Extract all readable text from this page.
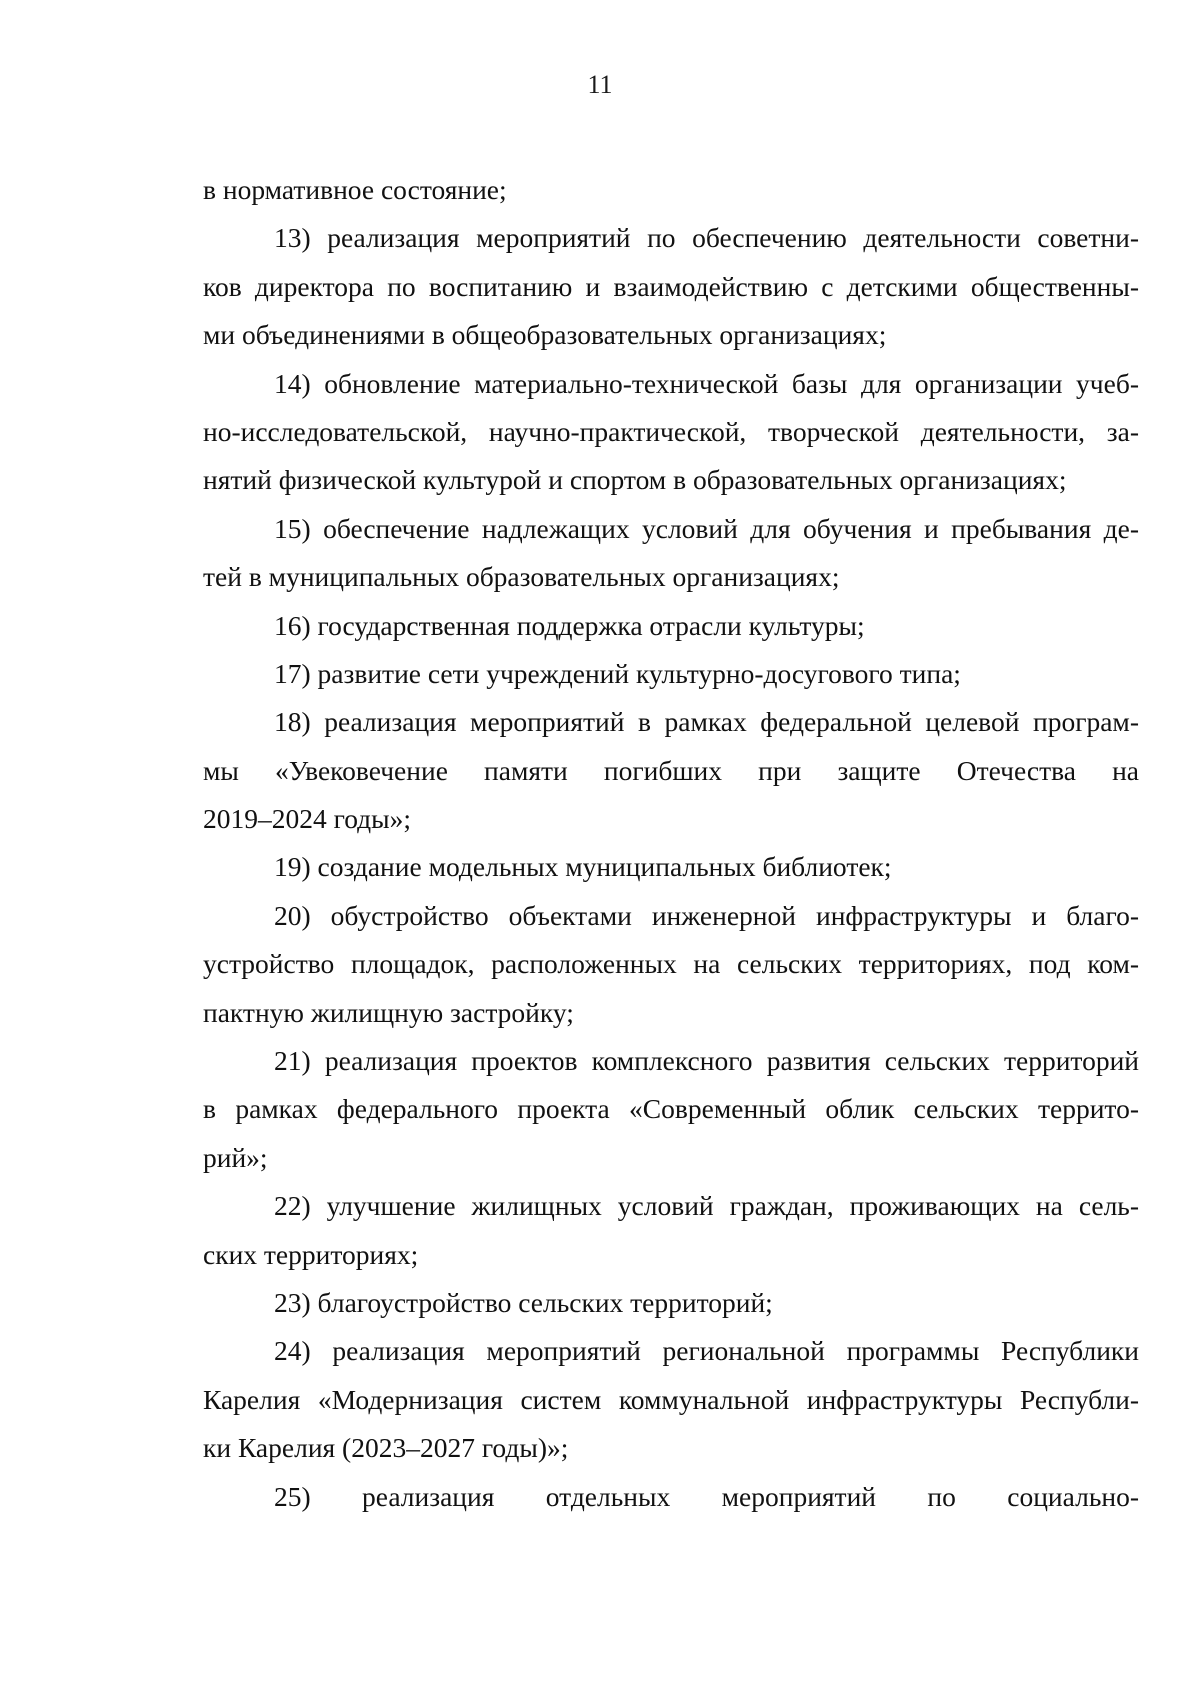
11
в нормативное состояние;
13) реализация мероприятий по обеспечению деятельности советни-
ков директора по воспитанию и взаимодействию с детскими общественны-
ми объединениями в общеобразовательных организациях;
14) обновление материально-технической базы для организации учеб-
но-исследовательской, научно-практической, творческой деятельности, за-
нятий физической культурой и спортом в образовательных организациях;
15) обеспечение надлежащих условий для обучения и пребывания де-
тей в муниципальных образовательных организациях;
16) государственная поддержка отрасли культуры;
17) развитие сети учреждений культурно-досугового типа;
18) реализация мероприятий в рамках федеральной целевой програм-
мы «Увековечение памяти погибших при защите Отечества на
2019–2024 годы»;
19) создание модельных муниципальных библиотек;
20) обустройство объектами инженерной инфраструктуры и благо-
устройство площадок, расположенных на сельских территориях, под ком-
пактную жилищную застройку;
21) реализация проектов комплексного развития сельских территорий
в рамках федерального проекта «Современный облик сельских террито-
рий»;
22) улучшение жилищных условий граждан, проживающих на сель-
ских территориях;
23) благоустройство сельских территорий;
24) реализация мероприятий региональной программы Республики
Карелия «Модернизация систем коммунальной инфраструктуры Республи-
ки Карелия (2023–2027 годы)»;
25) реализация отдельных мероприятий по социально-
